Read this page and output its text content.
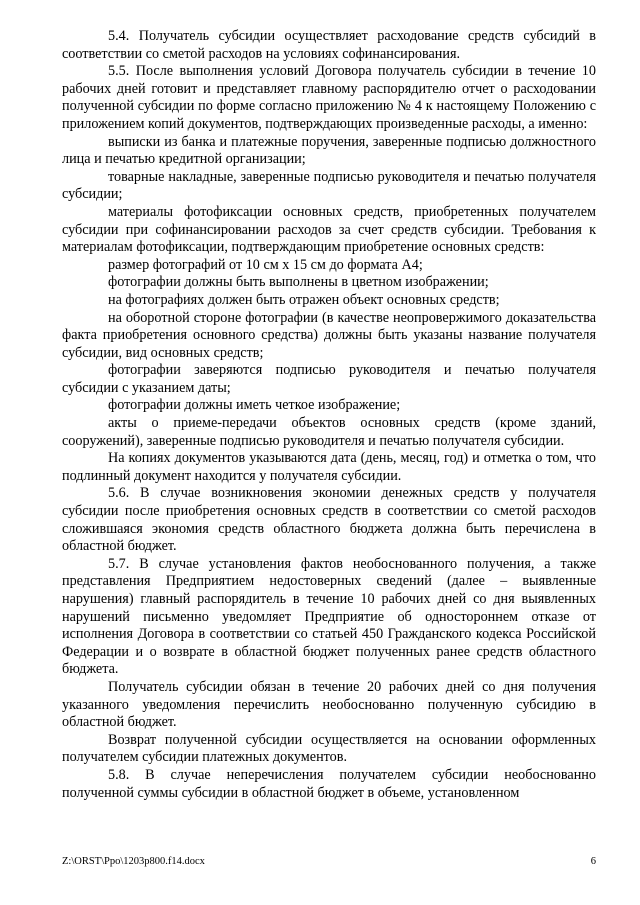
5.4. Получатель субсидии осуществляет расходование средств субсидий в соответствии со сметой расходов на условиях софинансирования.

5.5. После выполнения условий Договора получатель субсидии в течение 10 рабочих дней готовит и представляет главному распорядителю отчет о расходовании полученной субсидии по форме согласно приложению № 4 к настоящему Положению с приложением копий документов, подтверждающих произведенные расходы, а именно:

выписки из банка и платежные поручения, заверенные подписью должностного лица и печатью кредитной организации;

товарные накладные, заверенные подписью руководителя и печатью получателя субсидии;

материалы фотофиксации основных средств, приобретенных получателем субсидии при софинансировании расходов за счет средств субсидии. Требования к материалам фотофиксации, подтверждающим приобретение основных средств:

размер фотографий от 10 см х 15 см до формата А4;

фотографии должны быть выполнены в цветном изображении;

на фотографиях должен быть отражен объект основных средств;

на оборотной стороне фотографии (в качестве неопровержимого доказательства факта приобретения основного средства) должны быть указаны название получателя субсидии, вид основных средств;

фотографии заверяются подписью руководителя и печатью получателя субсидии с указанием даты;

фотографии должны иметь четкое изображение;

акты о приеме-передачи объектов основных средств (кроме зданий, сооружений), заверенные подписью руководителя и печатью получателя субсидии.

На копиях документов указываются дата (день, месяц, год) и отметка о том, что подлинный документ находится у получателя субсидии.

5.6. В случае возникновения экономии денежных средств у получателя субсидии после приобретения основных средств в соответствии со сметой расходов сложившаяся экономия средств областного бюджета должна быть перечислена в областной бюджет.

5.7. В случае установления фактов необоснованного получения, а также представления Предприятием недостоверных сведений (далее – выявленные нарушения) главный распорядитель в течение 10 рабочих дней со дня выявленных нарушений письменно уведомляет Предприятие об одностороннем отказе от исполнения Договора в соответствии со статьей 450 Гражданского кодекса Российской Федерации и о возврате в областной бюджет полученных ранее средств областного бюджета.

Получатель субсидии обязан в течение 20 рабочих дней со дня получения указанного уведомления перечислить необоснованно полученную субсидию в областной бюджет.

Возврат полученной субсидии осуществляется на основании оформленных получателем субсидии платежных документов.

5.8. В случае неперечисления получателем субсидии необоснованно полученной суммы субсидии в областной бюджет в объеме, установленном

Z:\ORST\Ppo\1203p800.f14.docx	6
